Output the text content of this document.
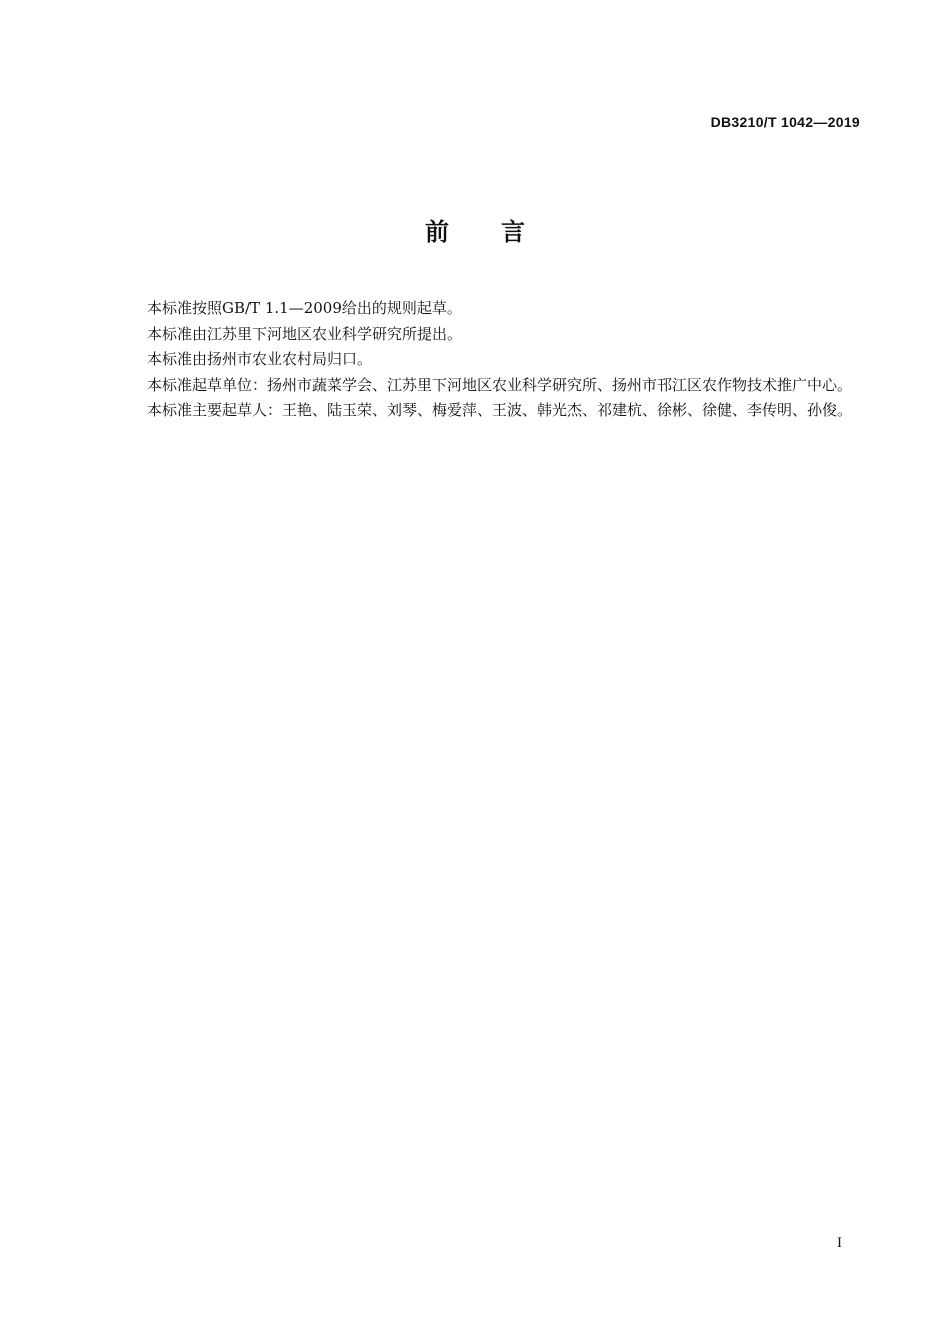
DB3210/T 1042—2019
前言

本标准按照GB/T 1.1—2009给出的规则起草。

本标准由江苏里下河地区农业科学研究所提出。

本标准由扬州市农业农村局归口。

本标准起草单位：扬州市蔬菜学会、江苏里下河地区农业科学研究所、扬州市邗江区农作物技术推广中心。

本标准主要起草人：王艳、陆玉荣、刘琴、梅爱萍、王波、韩光杰、祁建杭、徐彬、徐健、李传明、孙俊。

I
